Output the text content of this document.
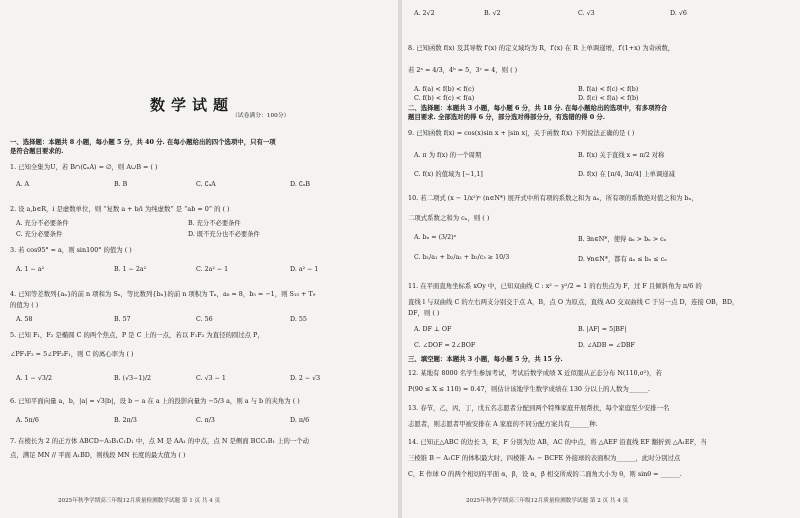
数学试题
（试卷满分：100分）
一、选择题：本题共 8 小题，每小题 5 分，共 40 分. 在每小题给出的四个选项中，只有一项
是符合题目要求的.
1. 已知全集为U，若 B∩(∁ᵤA) = ∅，则 A∪B = ( )
A. A	B. B	C. ∁ᵤA	D. ∁ᵤB
2. 设 a,b∈R，i 是虚数单位，则 “复数 a + b/i 为纯虚数” 是 “ab = 0” 的 ( )
A. 充分不必要条件	B. 充分不必要条件
C. 充分必要条件	D. 既不充分也不必要条件
3. 若 cos95° = a，则 sin100° 的值为 ( )
A. 1 − a²	B. 1 − 2a²	C. 2a² − 1	D. a² − 1
4. 已知等差数列{aₙ}的前 n 项和为 Sₙ，等比数列{bₙ}的前 n 项积为 Tₙ，a₈ = 8，b₅ = −1，则 S₁₅ + T₉
的值为 ( )
A. 58	B. 57	C. 56	D. 55
5. 已知 F₁，F₂ 是椭圆 C 的两个焦点，P 是 C 上的一点，若以 F₁F₂ 为直径的圆过点 P，
∠PF₁F₂ = 5∠PF₂F₁，则 C 的离心率为 ( )
A. 1 − √3/2	B. (√3−1)/2	C. √3 − 1	D. 2 − √3
6. 已知平面向量 a，b，|a| = √3|b|，设 b − a 在 a 上的投影向量为 −5/3 a，则 a 与 b 的夹角为 ( )
A. 5π/6	B. 2π/3	C. π/3	D. π/6
7. 在棱长为 2 的正方体 ABCD−A₁B₁C₁D₁ 中，点 M 是 AA₁ 的中点，点 N 是侧面 BCC₁B₁ 上的一个动
点，满足 MN // 平面 A₁BD，则线段 MN 长度的最大值为 ( )
2025年秋季学期高三年级12月质量检测数学试题 第 1 页 共 4 页
A. 2√2	B. √2	C. √3	D. √6
8. 已知函数 f(x) 及其导数 f′(x) 的定义域均为 R，f′(x) 在 R 上单调递增，f′(1+x) 为奇函数，
若 2ᵃ = 4/3，4ᵇ = 5，3ᶜ = 4，则 ( )
A. f(a) < f(b) < f(c)	B. f(a) < f(c) < f(b)
C. f(b) < f(c) < f(a)	D. f(c) < f(a) < f(b)
二、选择题：本题共 3 小题，每小题 6 分，共 18 分. 在每小题给出的选项中，有多项符合
题目要求. 全部选对的得 6 分，部分选对得部分分，有选错的得 0 分.
9. 已知函数 f(x) = cos(x)sin x + |sin x|，关于函数 f(x) 下列说法正确的是 ( )
A. π 为 f(x) 的一个周期	B. f(x) 关于直线 x = π/2 对称
C. f(x) 的值域为 [−1,1]	D. f(x) 在 [π/4, 3π/4] 上单调递减
10. 若二项式 (x − 1/x²)ⁿ (n∈N*) 展开式中所有项的系数之和为 aₙ，所有项的系数绝对值之和为 bₙ，
二项式系数之和为 cₙ，则 ( )
A. bₙ = (3/2)ⁿ	B. ∃n∈N*，使得 aₙ > bₙ > cₙ
C. b₁/a₁ + b₂/a₂ + b₃/c₃ ≥ 10/3	D. ∀n∈N*，都有 aₙ ≤ bₙ ≤ cₙ
11. 在平面直角坐标系 xOy 中，已知双曲线 C : x² − y²/2 = 1 的右焦点为 F，过 F 且倾斜角为 π/6 的
直线 l 与双曲线 C 的左右两支分别交于点 A，B，点 O 为原点，直线 AO 交双曲线 C 于另一点 D，连接 OB，BD，
DF，则 ( )
A. DF ⊥ OF	B. |AF| = 5|BF|
C. ∠DOF = 2∠BOF	D. ∠ADB = ∠DBF
三、填空题：本题共 3 小题，每小题 5 分，共 15 分.
12. 某地有 8000 名学生参加考试，考试后数学成绩 X 近似服从正态分布 N(110,σ²)，若
P(90 ≤ X ≤ 110) = 0.47，则估计该地学生数学成绩在 130 分以上的人数为______.
13. 春节，乙，丙，丁，戊五名志愿者分配到两个特殊家庭开展帮扶，每个家庭至少安排一名
志愿者，则志愿者甲被安排在 A 家庭的不同分配方案共有______种.
14. 已知正△ABC 的边长 3，E，F 分别为边 AB，AC 的中点，将 △AEF 沿直线 EF 翻折到 △A₁EF，当
三棱锥 B − A₁CF 的体积最大时，四棱锥 A₁ − BCFE 外接球的表面积为______，此时分别过点
C，E 作球 O 的两个相切的平面 α，β，设 α，β 相交所成的二面角大小为 θ，则 sinθ = ______.
2025年秋季学期高三年级12月质量检测数学试题 第 2 页 共 4 页
